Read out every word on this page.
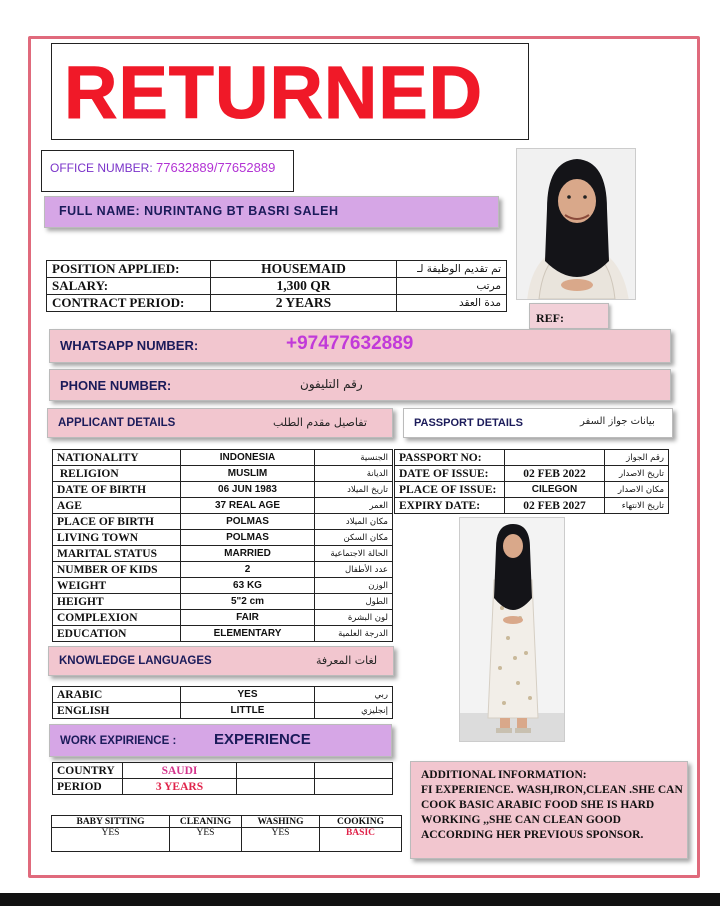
RETURNED
OFFICE NUMBER: 77632889/77652889
FULL NAME: NURINTANG BT BASRI SALEH
POSITION APPLIED:	HOUSEMAID	تم تقديم الوظيفة لـ
SALARY:	1,300 QR	مرتب
CONTRACT PERIOD:	2 YEARS	مدة العقد
REF:
WHATSAPP NUMBER:	+97477632889
PHONE NUMBER:	رقم التليفون
APPLICANT DETAILS	تفاصيل مقدم الطلب	PASSPORT DETAILS	بيانات جواز السفر
NATIONALITY	INDONESIA	الجنسية
RELIGION	MUSLIM	الديانة
DATE OF BIRTH	06 JUN 1983	تاريخ الميلاد
AGE	37 REAL AGE	العمر
PLACE OF BIRTH	POLMAS	مكان الميلاد
LIVING TOWN	POLMAS	مكان السكن
MARITAL STATUS	MARRIED	الحالة الاجتماعية
NUMBER OF KIDS	2	عدد الأطفال
WEIGHT	63 KG	الوزن
HEIGHT	5"2 cm	الطول
COMPLEXION	FAIR	لون البشرة
EDUCATION	ELEMENTARY	الدرجة العلمية
PASSPORT NO:		رقم الجواز
DATE OF ISSUE:	02 FEB 2022	تاريخ الاصدار
PLACE OF ISSUE:	CILEGON	مكان الاصدار
EXPIRY DATE:	02 FEB 2027	تاريخ الانتهاء
KNOWLEDGE LANGUAGES	لغات المعرفة
ARABIC	YES	ربي
ENGLISH	LITTLE	إنجليزي
WORK EXPIRIENCE :	EXPERIENCE
COUNTRY	SAUDI		
PERIOD	3 YEARS		
BABY SITTING	CLEANING	WASHING	COOKING
YES	YES	YES	BASIC
ADDITIONAL INFORMATION:
FI EXPERIENCE. WASH,IRON,CLEAN .SHE CAN COOK BASIC ARABIC FOOD SHE IS HARD WORKING ,,SHE CAN CLEAN GOOD ACCORDING HER PREVIOUS SPONSOR.
